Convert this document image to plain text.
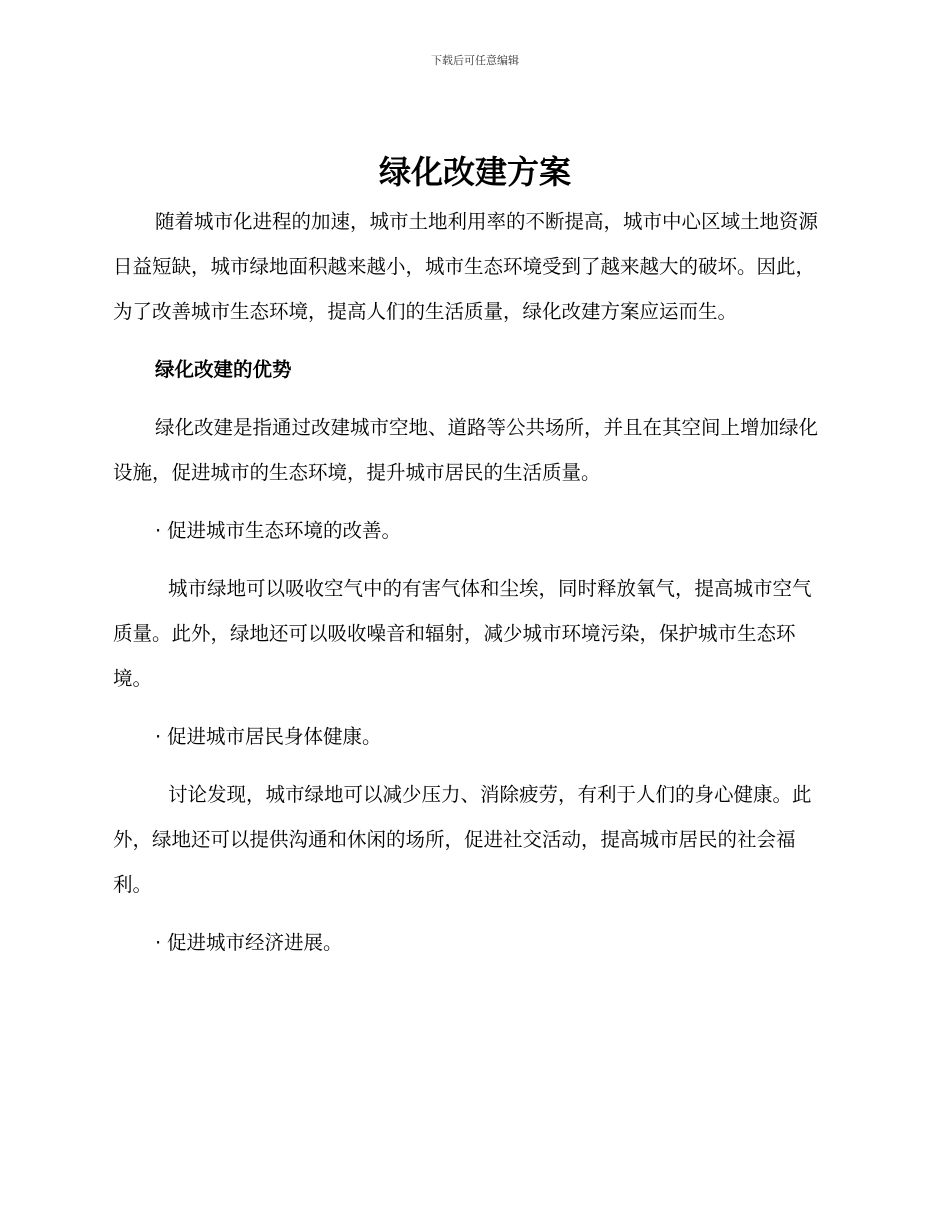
下载后可任意编辑
绿化改建方案

随着城市化进程的加速，城市土地利用率的不断提高，城市中心区域土地资源日益短缺，城市绿地面积越来越小，城市生态环境受到了越来越大的破坏。因此，为了改善城市生态环境，提高人们的生活质量，绿化改建方案应运而生。

绿化改建的优势

绿化改建是指通过改建城市空地、道路等公共场所，并且在其空间上增加绿化设施，促进城市的生态环境，提升城市居民的生活质量。

· 促进城市生态环境的改善。

城市绿地可以吸收空气中的有害气体和尘埃，同时释放氧气，提高城市空气质量。此外，绿地还可以吸收噪音和辐射，减少城市环境污染，保护城市生态环境。

· 促进城市居民身体健康。

讨论发现，城市绿地可以减少压力、消除疲劳，有利于人们的身心健康。此外，绿地还可以提供沟通和休闲的场所，促进社交活动，提高城市居民的社会福利。

· 促进城市经济进展。
